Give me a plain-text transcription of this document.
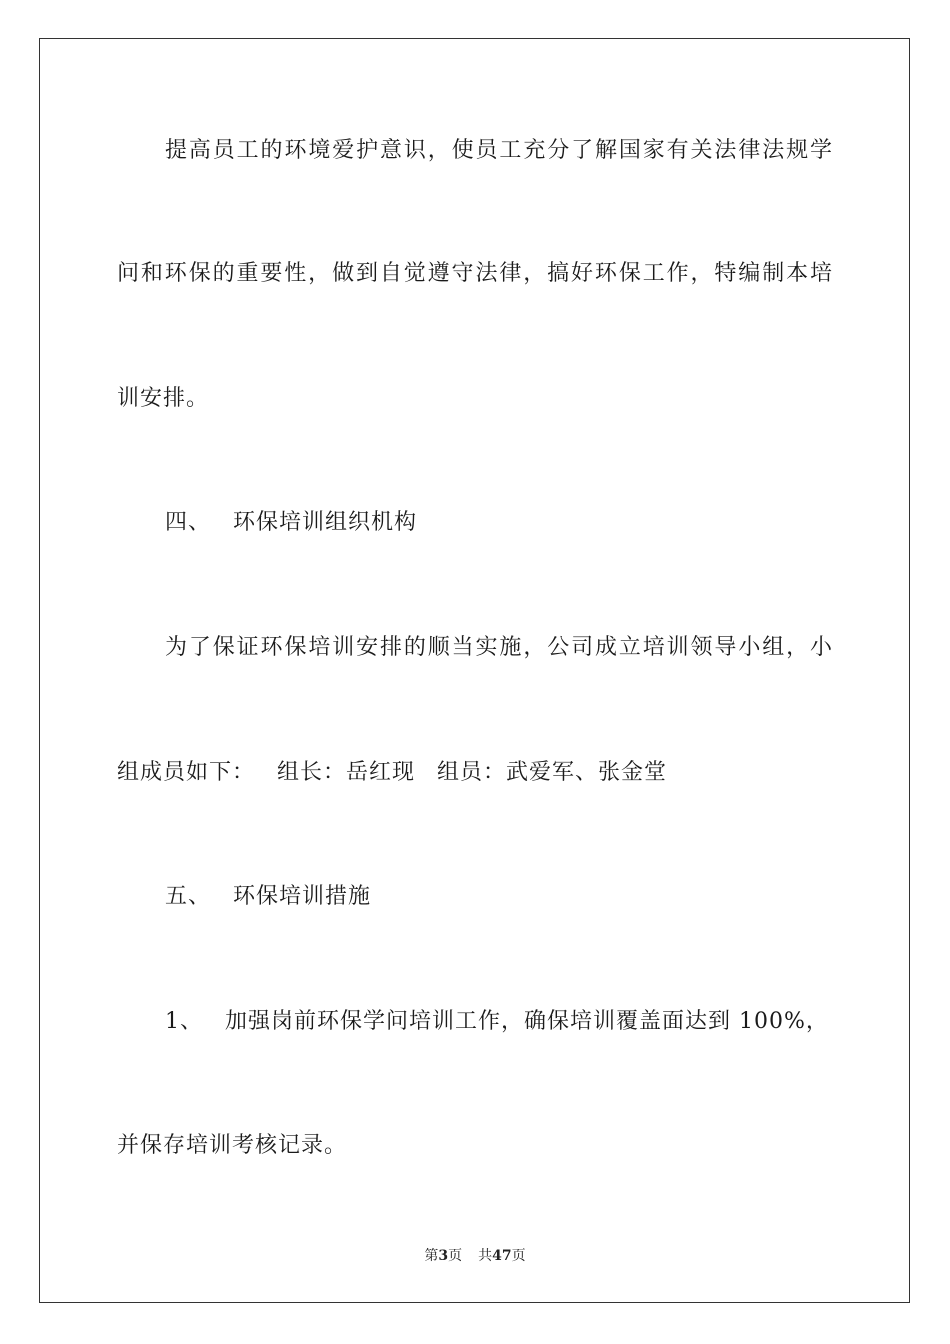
提高员工的环境爱护意识，使员工充分了解国家有关法律法规学
问和环保的重要性，做到自觉遵守法律，搞好环保工作，特编制本培
训安排。
四、 环保培训组织机构
为了保证环保培训安排的顺当实施，公司成立培训领导小组，小
组成员如下： 组长：岳红现 组员：武爱军、张金堂
五、 环保培训措施
1、 加强岗前环保学问培训工作，确保培训覆盖面达到 100%，
并保存培训考核记录。
第3页 共47页
